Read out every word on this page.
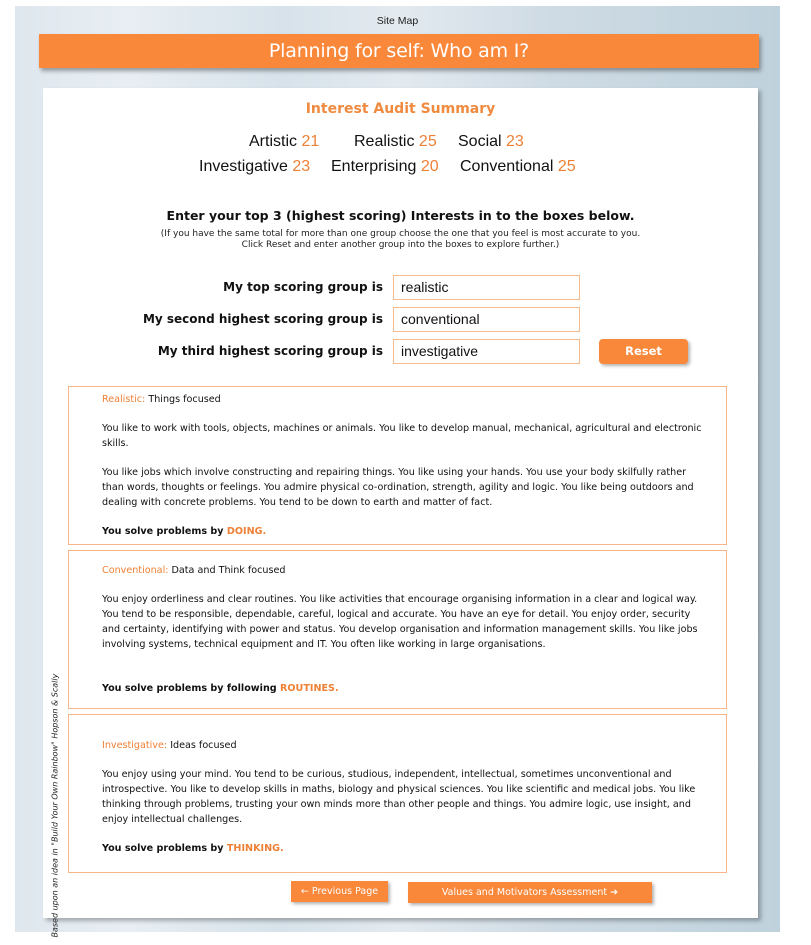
Site Map
Planning for self: Who am I?
Interest Audit Summary
Artistic 21 Realistic 25 Social 23
Investigative 23 Enterprising 20 Conventional 25
Enter your top 3 (highest scoring) Interests in to the boxes below.
(If you have the same total for more than one group choose the one that you feel is most accurate to you.
Click Reset and enter another group into the boxes to explore further.)
My top scoring group is	realistic
My second highest scoring group is	conventional
My third highest scoring group is	investigative	Reset
Realistic: Things focused

You like to work with tools, objects, machines or animals. You like to develop manual, mechanical, agricultural and electronic skills.

You like jobs which involve constructing and repairing things. You like using your hands. You use your body skilfully rather than words, thoughts or feelings. You admire physical co-ordination, strength, agility and logic. You like being outdoors and dealing with concrete problems. You tend to be down to earth and matter of fact.

You solve problems by DOING.

Conventional: Data and Think focused

You enjoy orderliness and clear routines. You like activities that encourage organising information in a clear and logical way. You tend to be responsible, dependable, careful, logical and accurate. You have an eye for detail. You enjoy order, security and certainty, identifying with power and status. You develop organisation and information management skills. You like jobs involving systems, technical equipment and IT. You often like working in large organisations.

You solve problems by following ROUTINES.

Investigative: Ideas focused

You enjoy using your mind. You tend to be curious, studious, independent, intellectual, sometimes unconventional and introspective. You like to develop skills in maths, biology and physical sciences. You like scientific and medical jobs. You like thinking through problems, trusting your own minds more than other people and things. You admire logic, use insight, and enjoy intellectual challenges.

You solve problems by THINKING.

Based upon an idea in "Build Your Own Rainbow" Hopson & Scally	← Previous Page	Values and Motivators Assessment ➔
